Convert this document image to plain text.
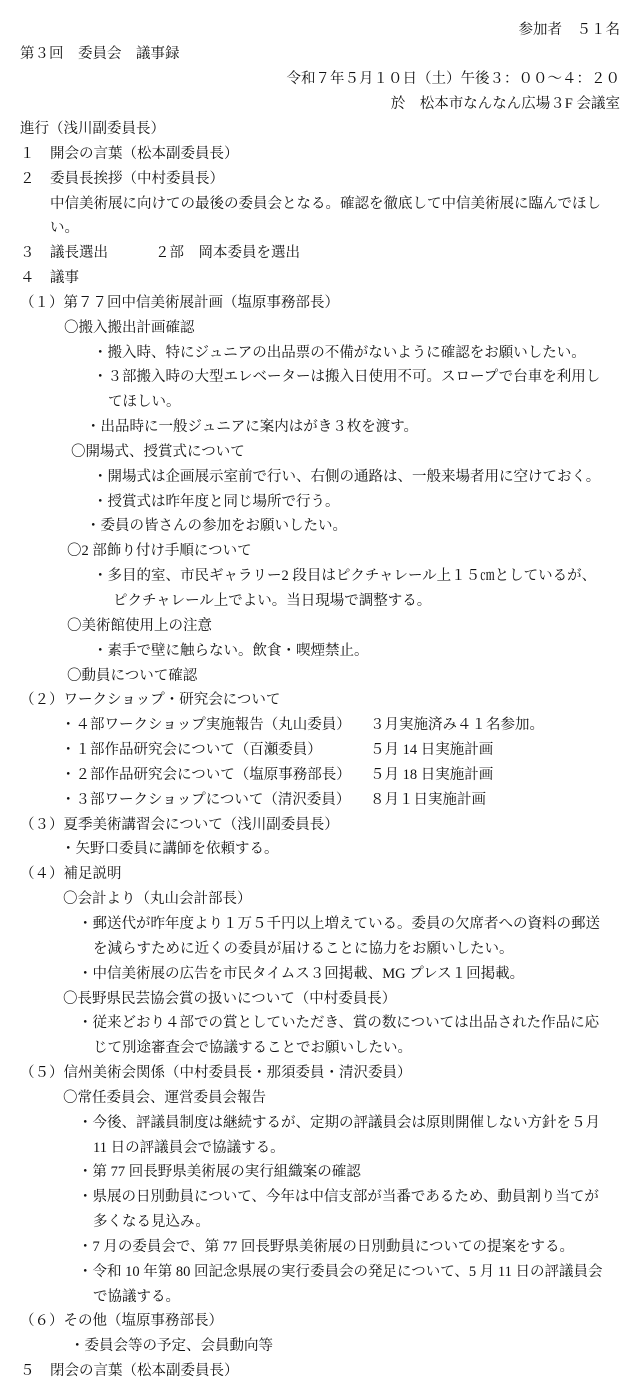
参加者　５１名
第３回　委員会　議事録
令和７年５月１０日（土）午後３：００～４：２０
於　松本市なんなん広場３F 会議室
進行（浅川副委員長）
１ 開会の言葉（松本副委員長）
２ 委員長挨拶（中村委員長）
中信美術展に向けての最後の委員会となる。確認を徹底して中信美術展に臨んでほし
い。
３ 議長選出	２部　岡本委員を選出
４ 議事
（１）第７７回中信美術展計画（塩原事務部長）
〇搬入搬出計画確認
・搬入時、特にジュニアの出品票の不備がないように確認をお願いしたい。
・３部搬入時の大型エレベーターは搬入日使用不可。スロープで台車を利用し
てほしい。
・出品時に一般ジュニアに案内はがき３枚を渡す。
〇開場式、授賞式について
・開場式は企画展示室前で行い、右側の通路は、一般来場者用に空けておく。
・授賞式は昨年度と同じ場所で行う。
・委員の皆さんの参加をお願いしたい。
〇2 部飾り付け手順について
・多目的室、市民ギャラリー2 段目はピクチャレール上１５㎝としているが、
ピクチャレール上でよい。当日現場で調整する。
〇美術館使用上の注意
・素手で壁に触らない。飲食・喫煙禁止。
〇動員について確認
（２）ワークショップ・研究会について
・４部ワークショップ実施報告（丸山委員） ３月実施済み４１名参加。
・１部作品研究会について（百瀬委員）	５月 14 日実施計画
・２部作品研究会について（塩原事務部長） ５月 18 日実施計画
・３部ワークショップについて（清沢委員） ８月１日実施計画
（３）夏季美術講習会について（浅川副委員長）
・矢野口委員に講師を依頼する。
（４）補足説明
〇会計より（丸山会計部長）
・郵送代が昨年度より１万５千円以上増えている。委員の欠席者への資料の郵送
を減らすために近くの委員が届けることに協力をお願いしたい。
・中信美術展の広告を市民タイムス３回掲載、MG プレス１回掲載。
〇長野県民芸協会賞の扱いについて（中村委員長）
・従来どおり４部での賞としていただき、賞の数については出品された作品に応
じて別途審査会で協議することでお願いしたい。
（５）信州美術会関係（中村委員長・那須委員・清沢委員）
〇常任委員会、運営委員会報告
・今後、評議員制度は継続するが、定期の評議員会は原則開催しない方針を５月
11 日の評議員会で協議する。
・第 77 回長野県美術展の実行組織案の確認
・県展の日別動員について、今年は中信支部が当番であるため、動員割り当てが
多くなる見込み。
・7 月の委員会で、第 77 回長野県美術展の日別動員についての提案をする。
・令和 10 年第 80 回記念県展の実行委員会の発足について、5 月 11 日の評議員会
で協議する。
（６）その他（塩原事務部長）
・委員会等の予定、会員動向等
５ 閉会の言葉（松本副委員長）
